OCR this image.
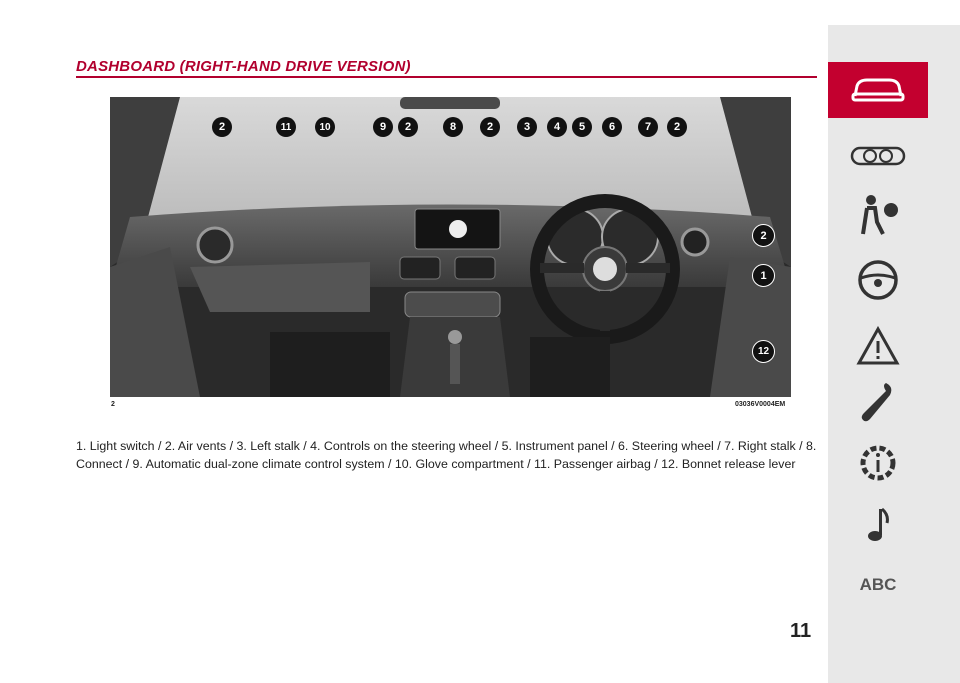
DASHBOARD (RIGHT-HAND DRIVE VERSION)
2	11	10	9	2	8	2	3	4	5	6	7	2
2
1
12
2	03036V0004EM
1. Light switch / 2. Air vents / 3. Left stalk / 4. Controls on the steering wheel / 5. Instrument panel / 6. Steering wheel / 7. Right stalk / 8. Connect / 9. Automatic dual-zone climate control system / 10. Glove compartment / 11. Passenger airbag / 12. Bonnet release lever
11
ABC
